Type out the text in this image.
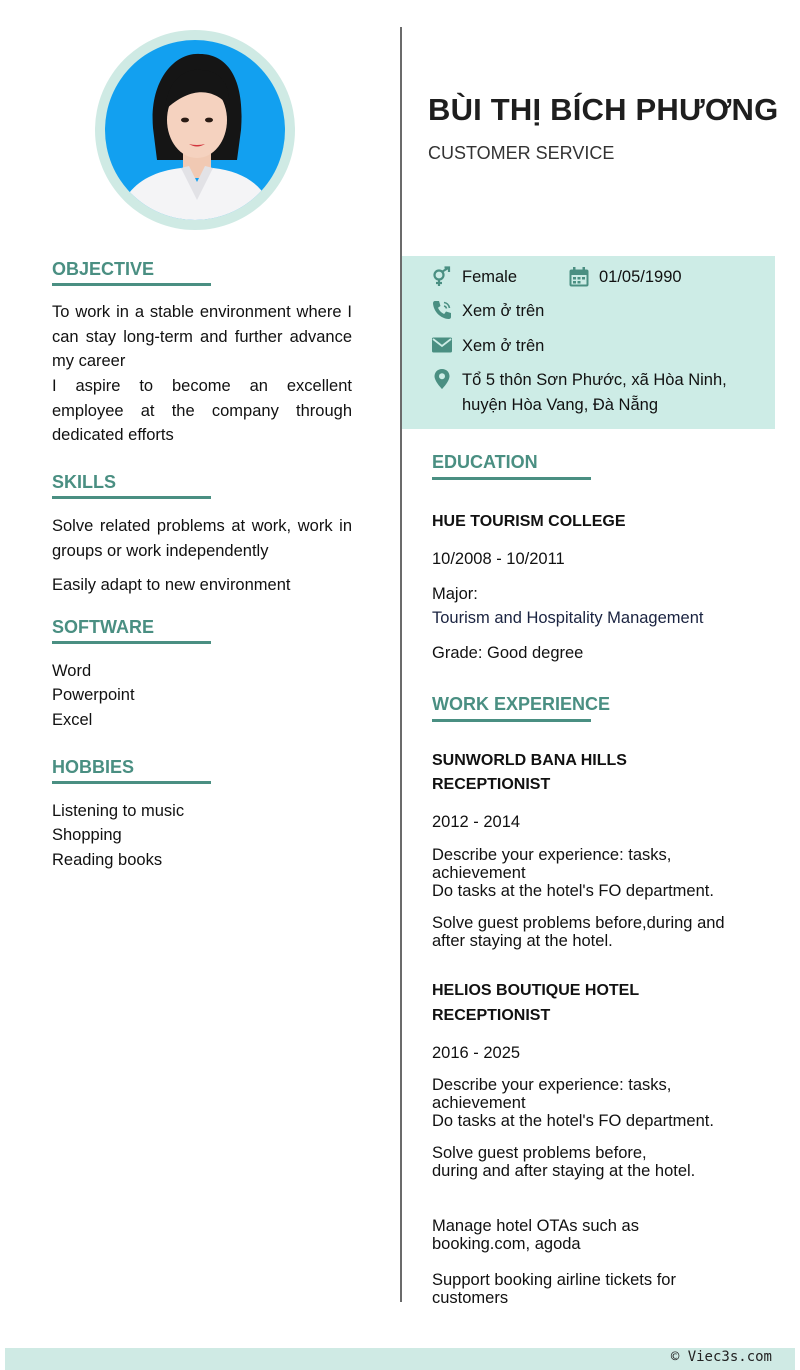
BÙI THỊ BÍCH PHƯƠNG
CUSTOMER SERVICE
Female	01/05/1990
Xem ở trên
Xem ở trên
Tổ 5 thôn Sơn Phước, xã Hòa Ninh,
huyện Hòa Vang, Đà Nẵng
OBJECTIVE
To work in a stable environment where I can stay long-term and further advance my career
I aspire to become an excellent employee at the company through dedicated efforts
SKILLS
Solve related problems at work, work in groups or work independently
Easily adapt to new environment
SOFTWARE
Word
Powerpoint
Excel
HOBBIES
Listening to music
Shopping
Reading books
EDUCATION
HUE TOURISM COLLEGE
10/2008 - 10/2011
Major:
Tourism and Hospitality Management
Grade: Good degree
WORK EXPERIENCE
SUNWORLD BANA HILLS
RECEPTIONIST
2012 - 2014
Describe your experience: tasks,
achievement
Do tasks at the hotel's FO department.
Solve guest problems before,during and
after staying at the hotel.
HELIOS BOUTIQUE HOTEL
RECEPTIONIST
2016 - 2025
Describe your experience: tasks,
achievement
Do tasks at the hotel's FO department.
Solve guest problems before,
during and after staying at the hotel.
Manage hotel OTAs such as
booking.com, agoda
Support booking airline tickets for
customers
© Viec3s.com
